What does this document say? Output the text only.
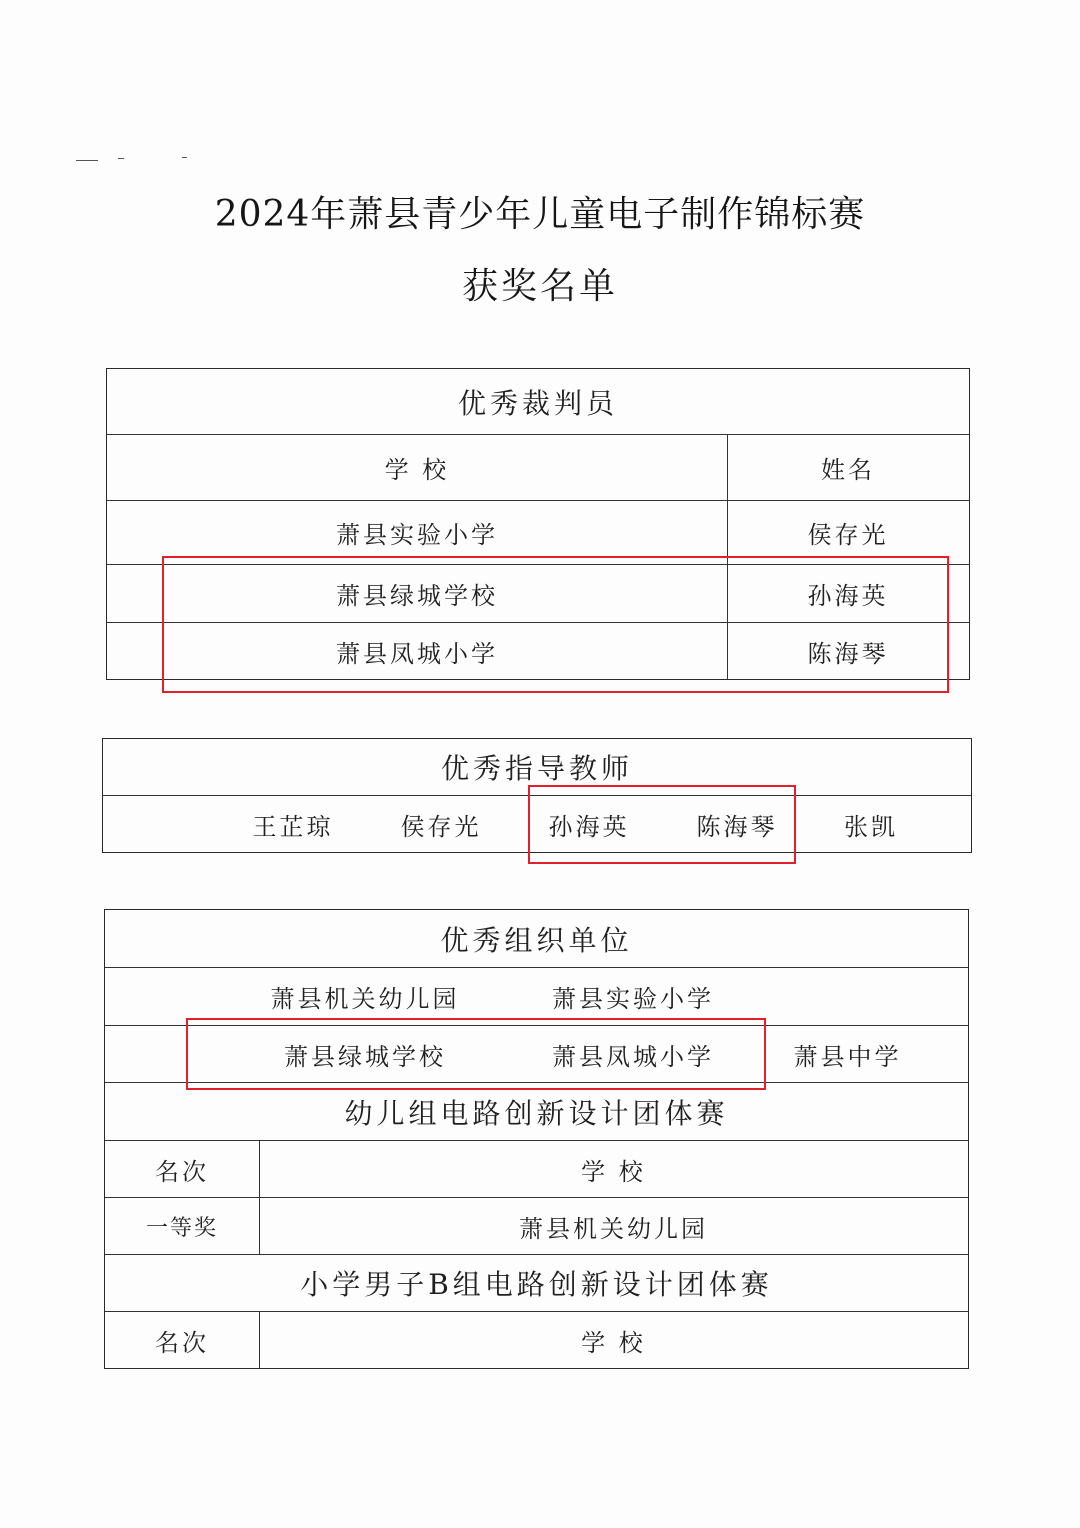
2024年萧县青少年儿童电子制作锦标赛
获奖名单
优秀裁判员
学 校	姓名
萧县实验小学	侯存光
萧县绿城学校	孙海英
萧县凤城小学	陈海琴
优秀指导教师
王芷琼	侯存光	孙海英	陈海琴	张凯
优秀组织单位
萧县机关幼儿园	萧县实验小学
萧县绿城学校	萧县凤城小学	萧县中学
幼儿组电路创新设计团体赛
名次	学 校
一等奖	萧县机关幼儿园
小学男子B组电路创新设计团体赛
名次	学 校
